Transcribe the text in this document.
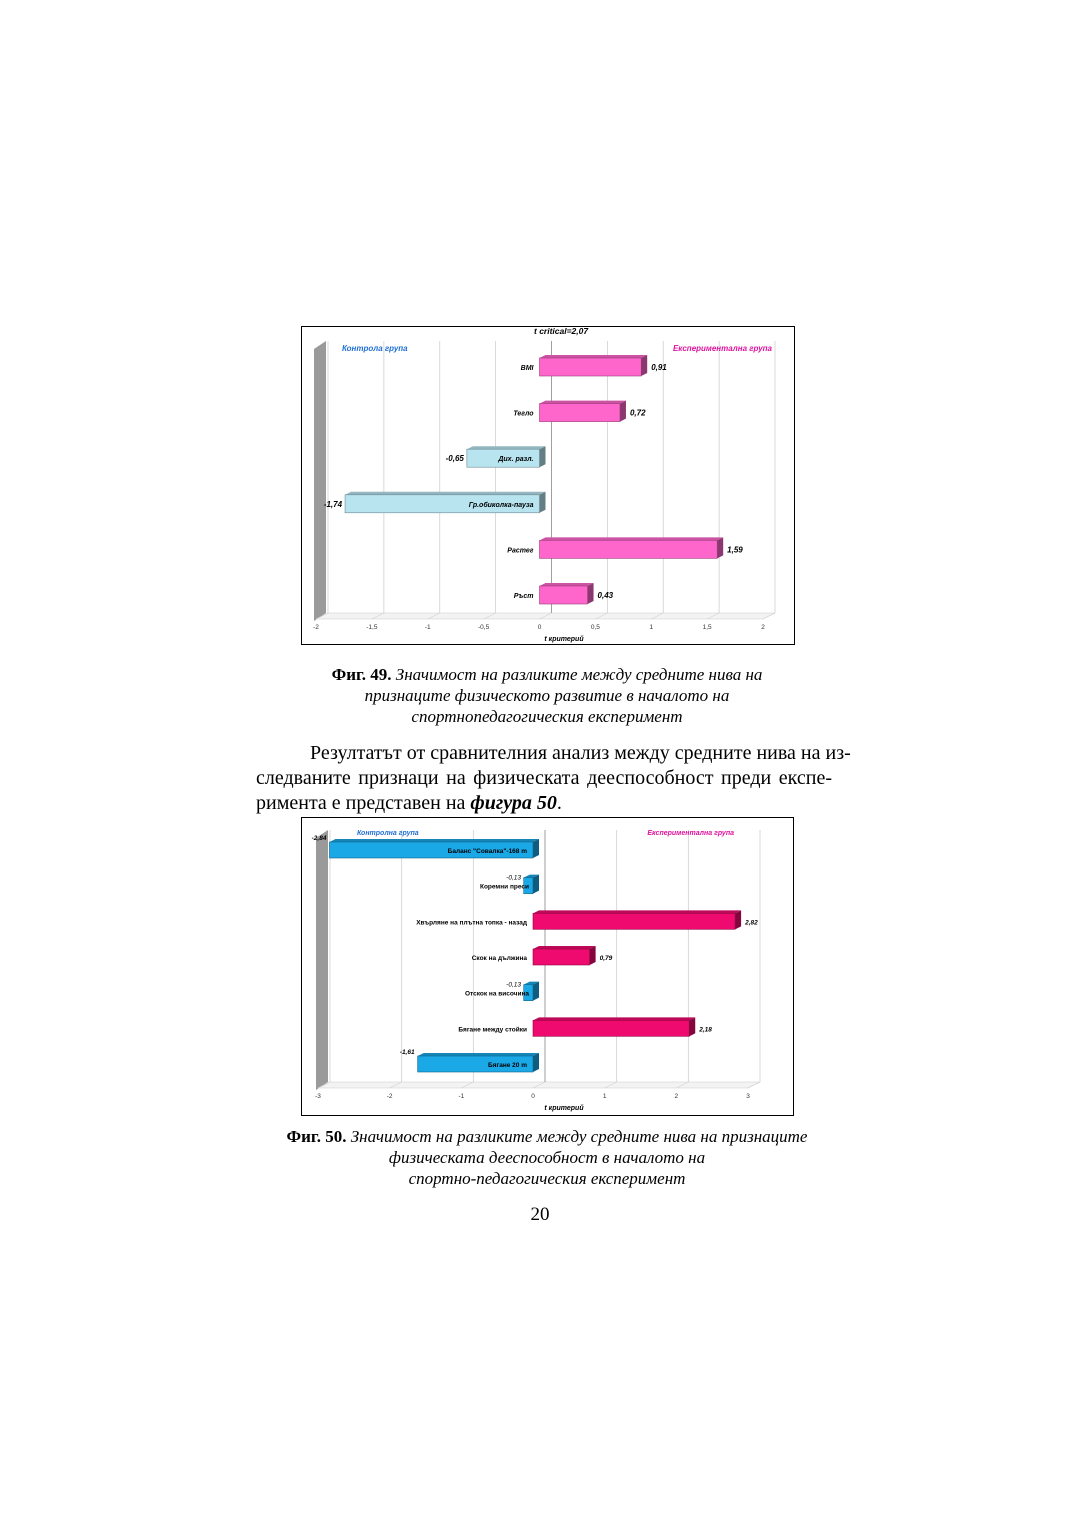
-2	-1,5	-1	-0,5	0	0,5	1	1,5	2
Контрола група	Експериментална група
t critical=2,07
t критерий
BMI	0,91
Тегло	0,72
Дих. разл.
-0,65
Гр.обиколка-пауза
-1,74
Растег	1,59
Ръст	0,43
Фиг. 49. Значимост на разликите между средните нива на
признаците физическото развитие в началото на
спортнопедагогическия експеримент
Резултатът от сравнителния анализ между средните нива на из-
следваните признаци на физическата дееспособност преди експе-
римента е представен на фигура 50.
-3	-2	-1	0	1	2	3
Контролна група	Експериментална група
t критерий
Баланс "Совалка"-168 m
-2,84
Коремни преси
-0,13
Хвърляне на плътна топка - назад	2,82
Скок на дължина	0,79
Отскок на височина
-0,13
Бягане между стойки	2,18
Бягане 20 m
-1,61
Фиг. 50. Значимост на разликите между средните нива на признаците
физическата дееспособност в началото на
спортно-педагогическия експеримент
20
